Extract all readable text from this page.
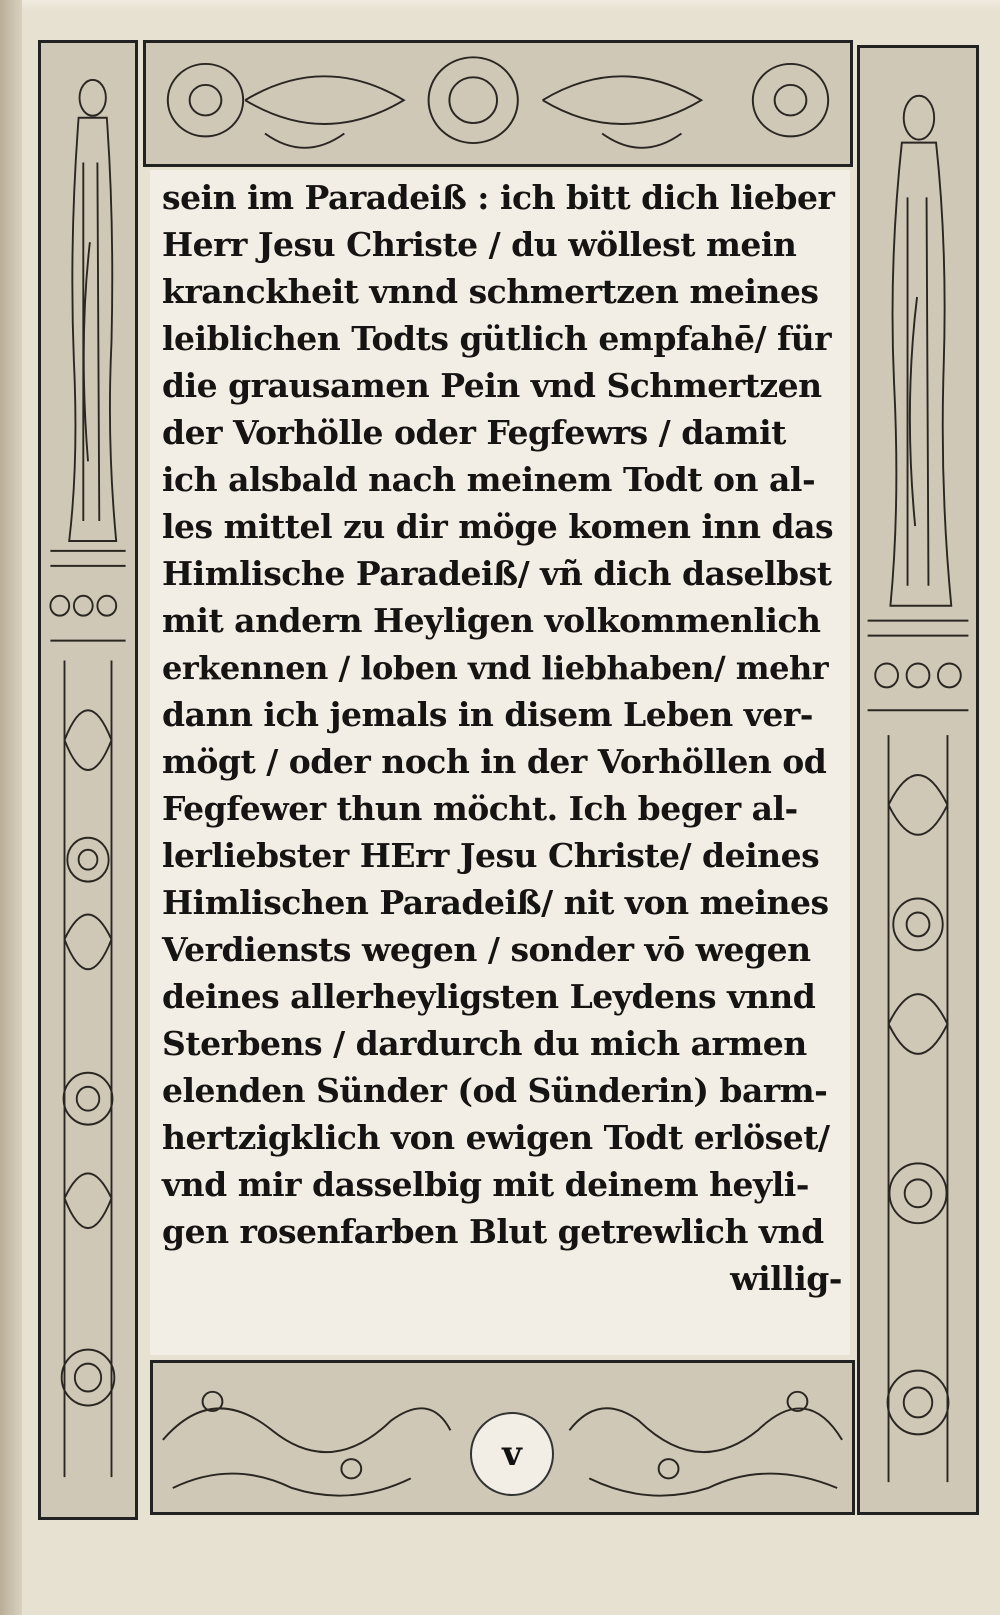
sein im Paradeiß : ich bitt dich lieber
Herr Jesu Christe / du wöllest mein
kranckheit vnnd schmertzen meines
leiblichen Todts gütlich empfahē/ für
die grausamen Pein vnd Schmertzen
der Vorhölle oder Fegfewrs / damit
ich alsbald nach meinem Todt on al-
les mittel zu dir möge komen inn das
Himlische Paradeiß/ vñ dich daselbst
mit andern Heyligen volkommenlich
erkennen / loben vnd liebhaben/ mehr
dann ich jemals in disem Leben ver-
mögt / oder noch in der Vorhöllen od
Fegfewer thun möcht. Ich beger al-
lerliebster HErr Jesu Christe/ deines
Himlischen Paradeiß/ nit von meines
Verdiensts wegen / sonder vō wegen
deines allerheyligsten Leydens vnnd
Sterbens / dardurch du mich armen
elenden Sünder (od Sünderin) barm-
hertzigklich von ewigen Todt erlöset/
vnd mir dasselbig mit deinem heyli-
gen rosenfarben Blut getrewlich vnd
willig-
v
